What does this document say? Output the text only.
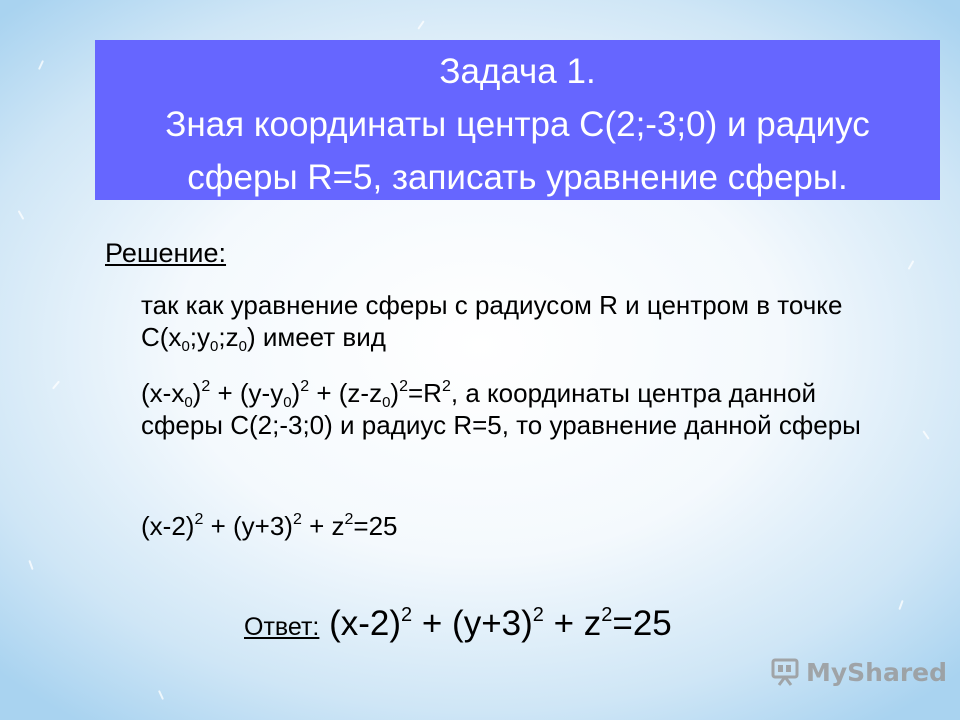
Задача 1.
Зная координаты центра С(2;-3;0) и радиус
сферы R=5, записать уравнение сферы.
Решение:
так как уравнение сферы с радиусом R и центром в точке $С(x_0;y_0;z_0)$ имеет вид
$(x-x_0)^2 + (y-y_0)^2 + (z-z_0)^2=R^2$, а координаты центра данной сферы С(2;-3;0) и радиус R=5, то уравнение данной сферы
$(x-2)^2 + (y+3)^2 + z^2=25$
Ответ: $(x-2)^2 + (y+3)^2 + z^2=25$
MyShared
